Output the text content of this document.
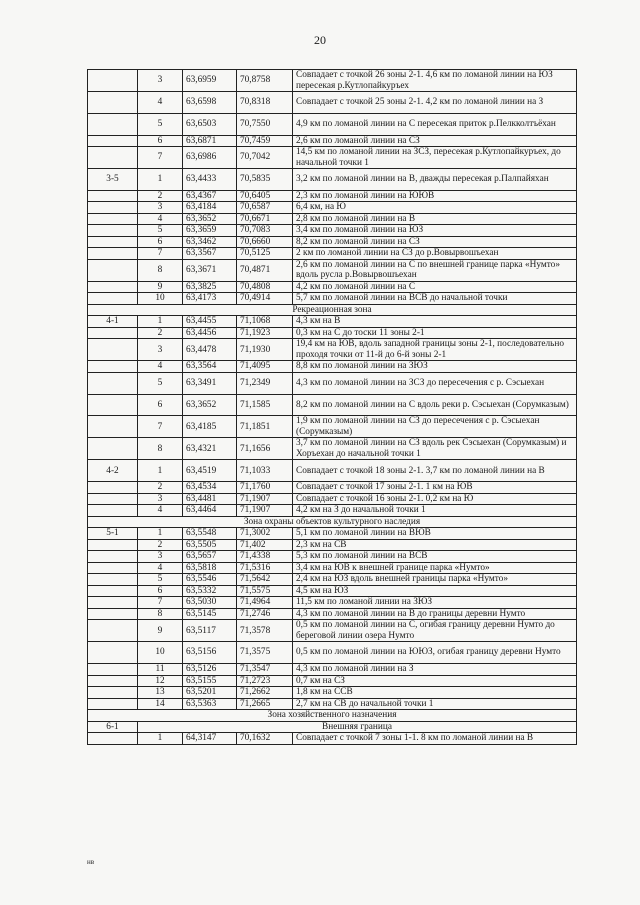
20
	3	63,6959	70,8758	Совпадает с точкой 26 зоны 2-1. 4,6 км по ломаной линии на ЮЗ пересекая р.Кутлопайкуръех
	4	63,6598	70,8318	Совпадает с точкой 25 зоны 2-1. 4,2 км по ломаной линии на З
	5	63,6503	70,7550	4,9 км по ломаной линии на С пересекая приток р.Пелкколтъёхан
	6	63,6871	70,7459	2,6 км по ломаной линии на СЗ
	7	63,6986	70,7042	14,5 км по ломаной линии на ЗСЗ, пересекая р.Кутлопайкуръех, до начальной точки 1
3-5	1	63,4433	70,5835	3,2 км по ломаной линии на В, дважды пересекая р.Палпайяхан
	2	63,4367	70,6405	2,3 км по ломаной линии на ЮЮВ
	3	63,4184	70,6587	6,4 км, на Ю
	4	63,3652	70,6671	2,8 км по ломаной линии на В
	5	63,3659	70,7083	3,4 км по ломаной линии на ЮЗ
	6	63,3462	70,6660	8,2 км по ломаной линии на СЗ
	7	63,3567	70,5125	2 км по ломаной линии на СЗ до р.Вовырвошъехан
	8	63,3671	70,4871	2,6 км по ломаной линии на С по внешней границе парка «Нумто» вдоль русла р.Вовырвошъехан
	9	63,3825	70,4808	4,2 км по ломаной линии на С
	10	63,4173	70,4914	5,7 км по ломаной линии на ВСВ до начальной точки
Рекреационная зона				
4-1	1	63,4455	71,1068	4,3 км на В
	2	63,4456	71,1923	0,3 км на С до тоски 11 зоны 2-1
	3	63,4478	71,1930	19,4 км на ЮВ, вдоль западной границы зоны 2-1, последовательно проходя точки от 11-й до 6-й зоны 2-1
	4	63,3564	71,4095	8,8 км по ломаной линии на ЗЮЗ
	5	63,3491	71,2349	4,3 км по ломаной линии на ЗСЗ до пересечения с р. Сэсыехан
	6	63,3652	71,1585	8,2 км по ломаной линии на С вдоль реки р. Сэсыехан (Сорумказым)
	7	63,4185	71,1851	1,9 км по ломаной линии на СЗ до пересечения с р. Сэсыехан (Сорумказым)
	8	63,4321	71,1656	3,7 км по ломаной линии на СЗ вдоль рек Сэсыехан (Сорумказым) и Хоръехан до начальной точки 1
4-2	1	63,4519	71,1033	Совпадает с точкой 18 зоны 2-1. 3,7 км по ломаной линии на В
	2	63,4534	71,1760	Совпадает с точкой 17 зоны 2-1. 1 км на ЮВ
	3	63,4481	71,1907	Совпадает с точкой 16 зоны 2-1. 0,2 км на Ю
	4	63,4464	71,1907	4,2 км на З до начальной точки 1
Зона охраны объектов культурного наследия				
5-1	1	63,5548	71,3002	5,1 км по ломаной линии на ВЮВ
	2	63,5505	71,402	2,3 км на СВ
	3	63,5657	71,4338	5,3 км по ломаной линии на ВСВ
	4	63,5818	71,5316	3,4 км на ЮВ к внешней границе парка «Нумто»
	5	63,5546	71,5642	2,4 км на ЮЗ вдоль внешней границы парка «Нумто»
	6	63,5332	71,5575	4,5 км на ЮЗ
	7	63,5030	71,4964	11,5 км по ломаной линии на ЗЮЗ
	8	63,5145	71,2746	4,3 км по ломаной линии на В до границы деревни Нумто
	9	63,5117	71,3578	0,5 км по ломаной линии на С, огибая границу деревни Нумто до береговой линии озера Нумто
	10	63,5156	71,3575	0,5 км по ломаной линии на ЮЮЗ, огибая границу деревни Нумто
	11	63,5126	71,3547	4,3 км по ломаной линии на З
	12	63,5155	71,2723	0,7 км на СЗ
	13	63,5201	71,2662	1,8 км на ССВ
	14	63,5363	71,2665	2,7 км на СВ до начальной точки 1
Зона хозяйственного назначения				
6-1	Внешняя граница			
	1	64,3147	70,1632	Совпадает с точкой 7 зоны 1-1. 8 км по ломаной линии на В
нв
